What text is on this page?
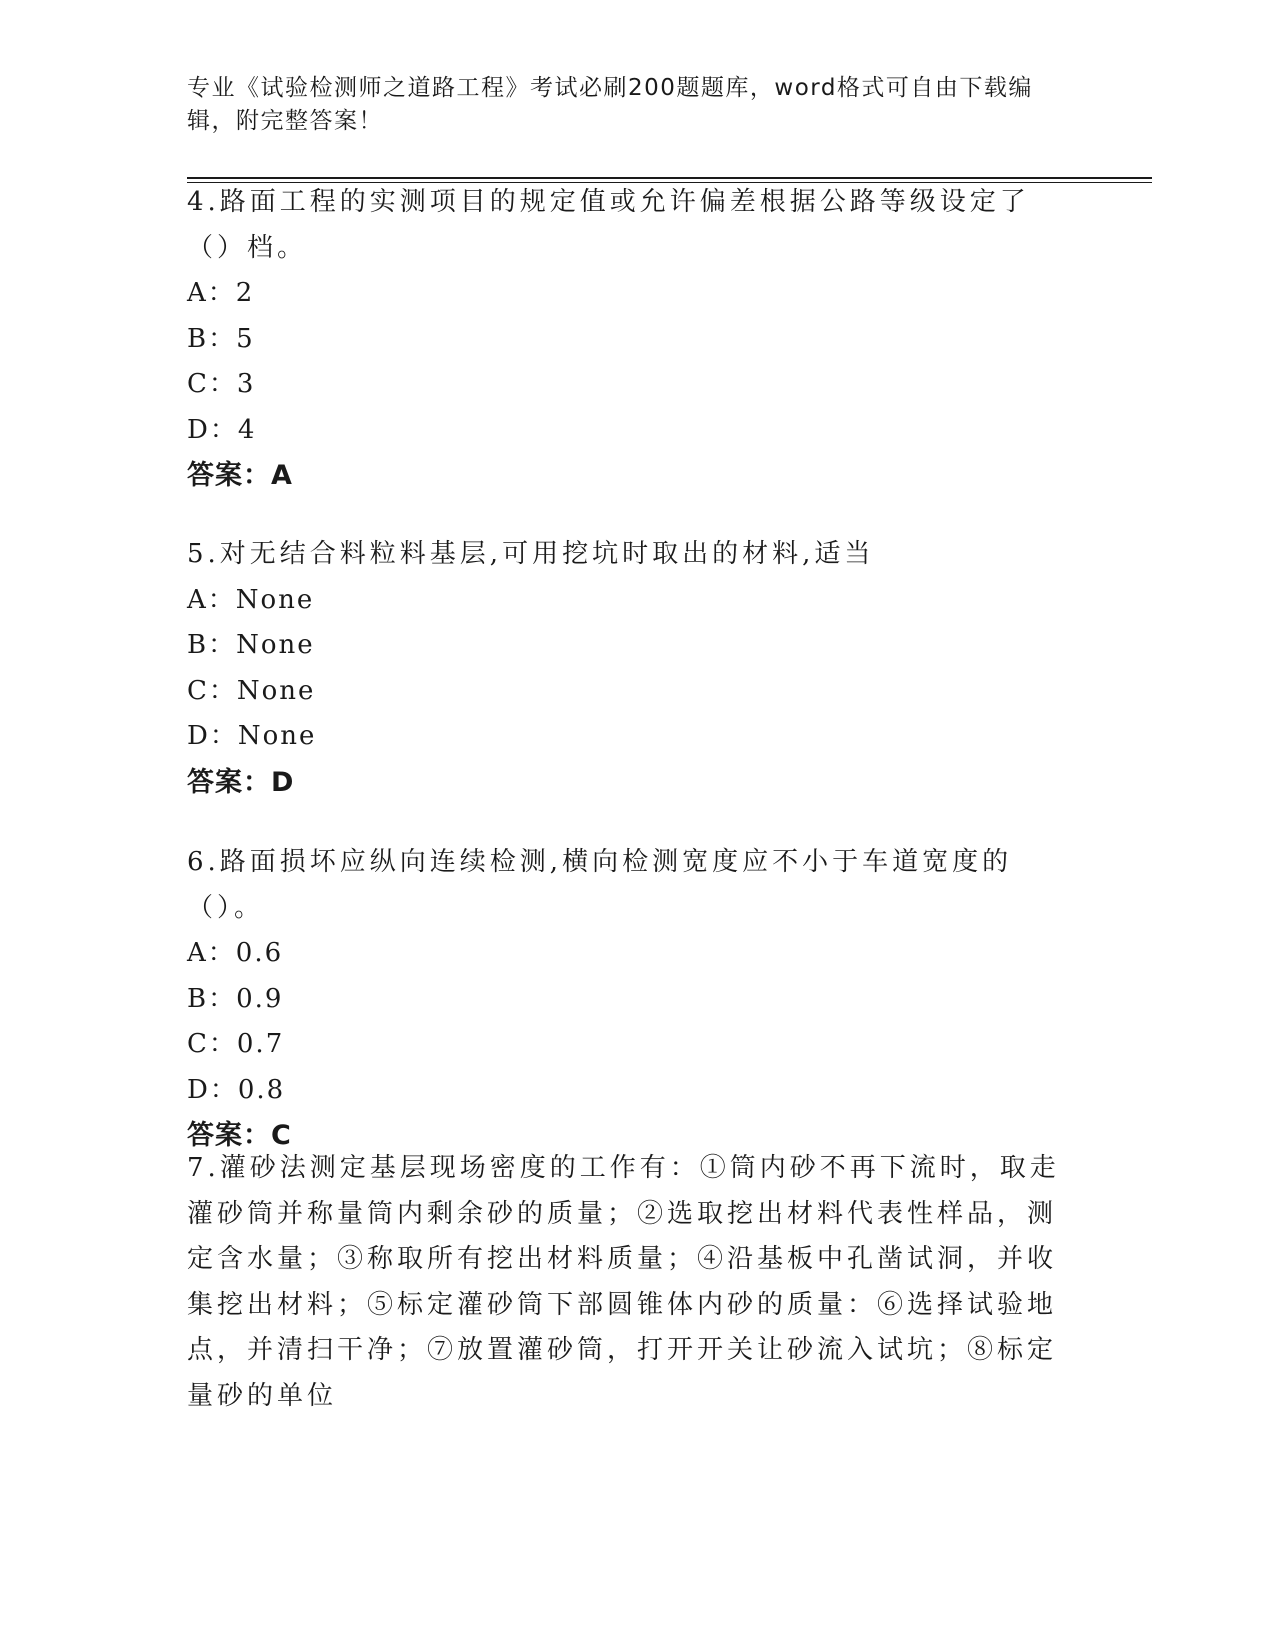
专业《试验检测师之道路工程》考试必刷200题题库，word格式可自由下载编辑，附完整答案！

4.路面工程的实测项目的规定值或允许偏差根据公路等级设定了（）档。

A：2
B：5
C：3
D：4
答案：A

5.对无结合料粒料基层,可用挖坑时取出的材料,适当

A：None
B：None
C：None
D：None
答案：D

6.路面损坏应纵向连续检测,横向检测宽度应不小于车道宽度的（）。

A：0.6
B：0.9
C：0.7
D：0.8
答案：C

7.灌砂法测定基层现场密度的工作有：①筒内砂不再下流时，取走灌砂筒并称量筒内剩余砂的质量；②选取挖出材料代表性样品，测定含水量；③称取所有挖出材料质量；④沿基板中孔凿试洞，并收集挖出材料；⑤标定灌砂筒下部圆锥体内砂的质量：⑥选择试验地点，并清扫干净；⑦放置灌砂筒，打开开关让砂流入试坑；⑧标定量砂的单位
